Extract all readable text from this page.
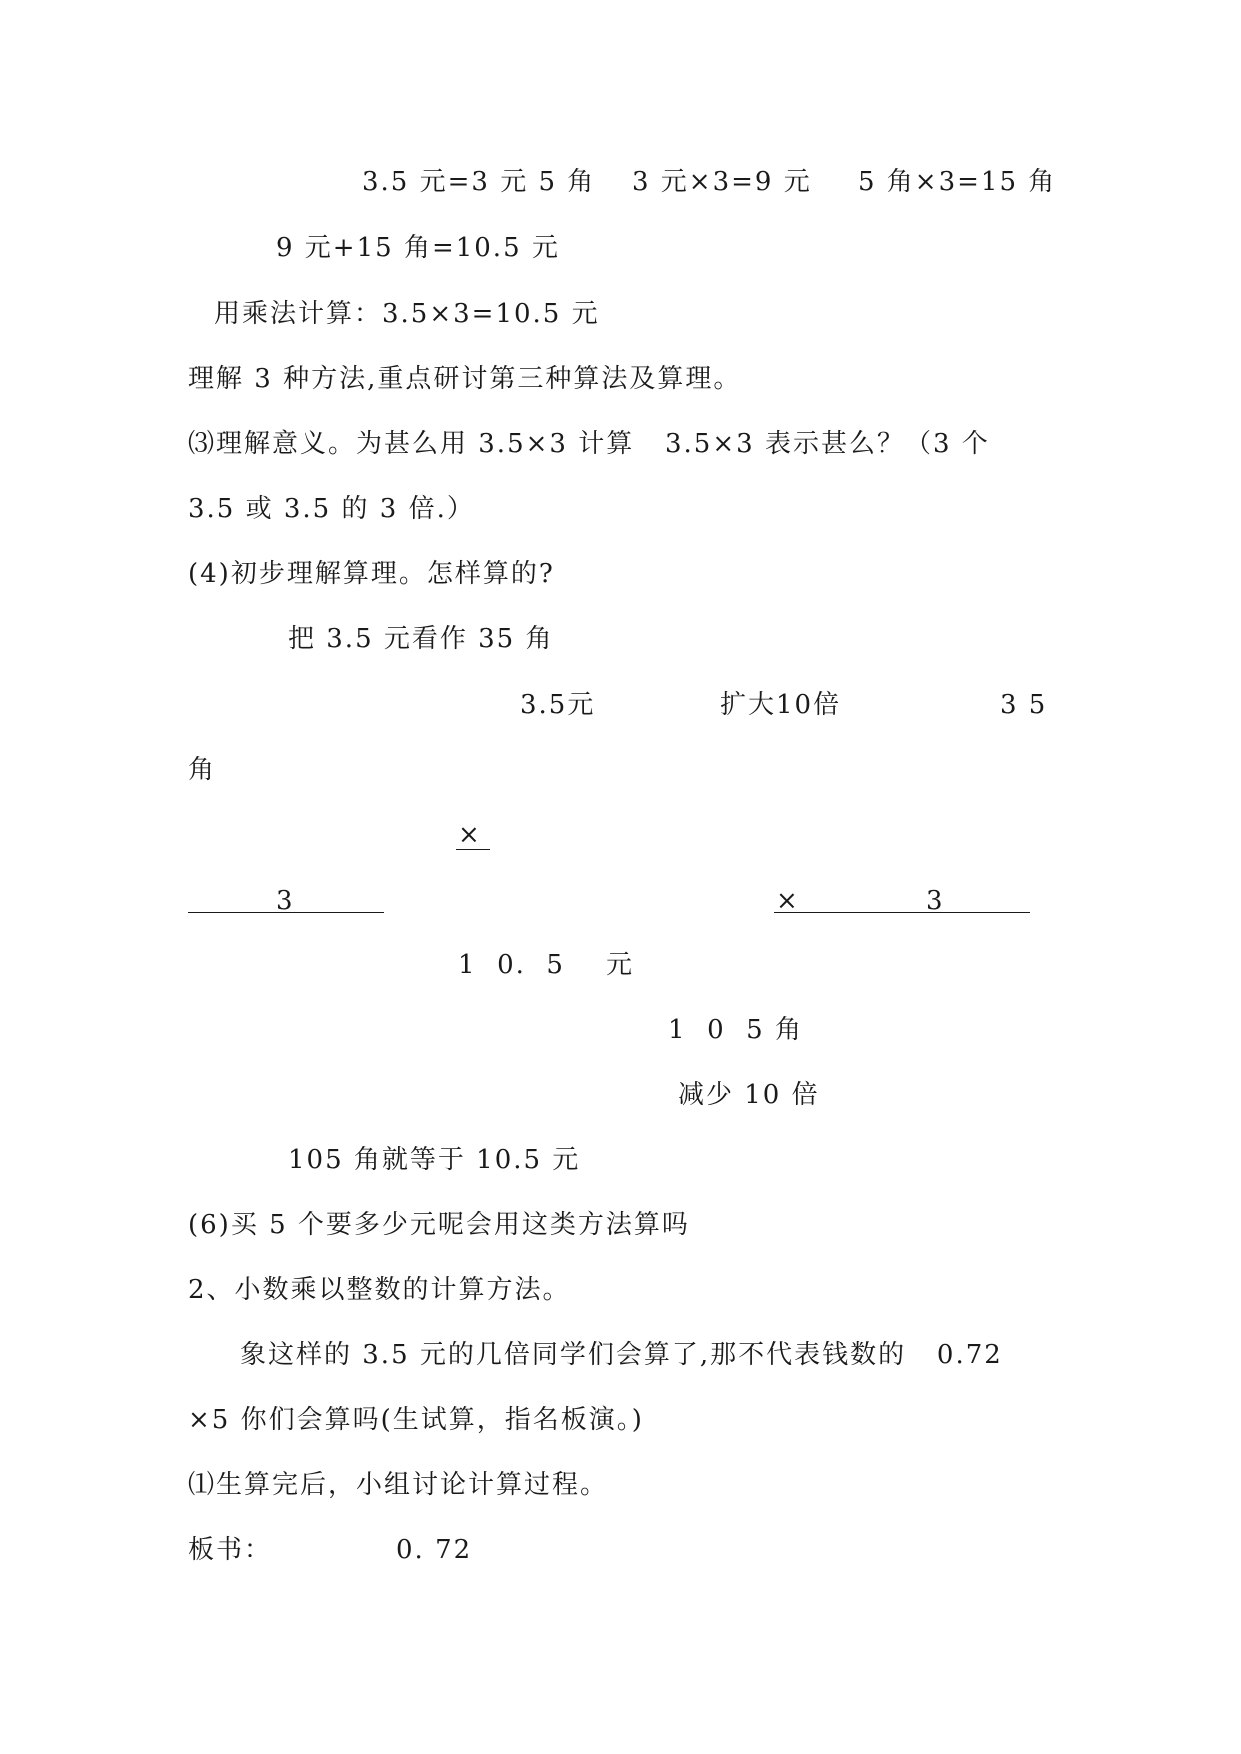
3.5 元=3 元 5 角 3 元×3=9 元 5 角×3=15 角
9 元+15 角=10.5 元
用乘法计算：3.5×3=10.5 元
理解 3 种方法,重点研讨第三种算法及算理。
⑶理解意义。为甚么用 3.5×3 计算   3.5×3 表示甚么？（3 个
3.5 或 3.5 的 3 倍.）
(4)初步理解算理。怎样算的?
把 3.5 元看作 35 角
3.5元	扩大10倍	3 5
角
×
3	×	3
1  0.  5    元
1  0  5 角
减少 10 倍
105 角就等于 10.5 元
(6)买 5 个要多少元呢会用这类方法算吗
2、小数乘以整数的计算方法。
象这样的 3.5 元的几倍同学们会算了,那不代表钱数的   0.72
×5 你们会算吗(生试算，指名板演。)
⑴生算完后，小组讨论计算过程。
板书：	0. 72
